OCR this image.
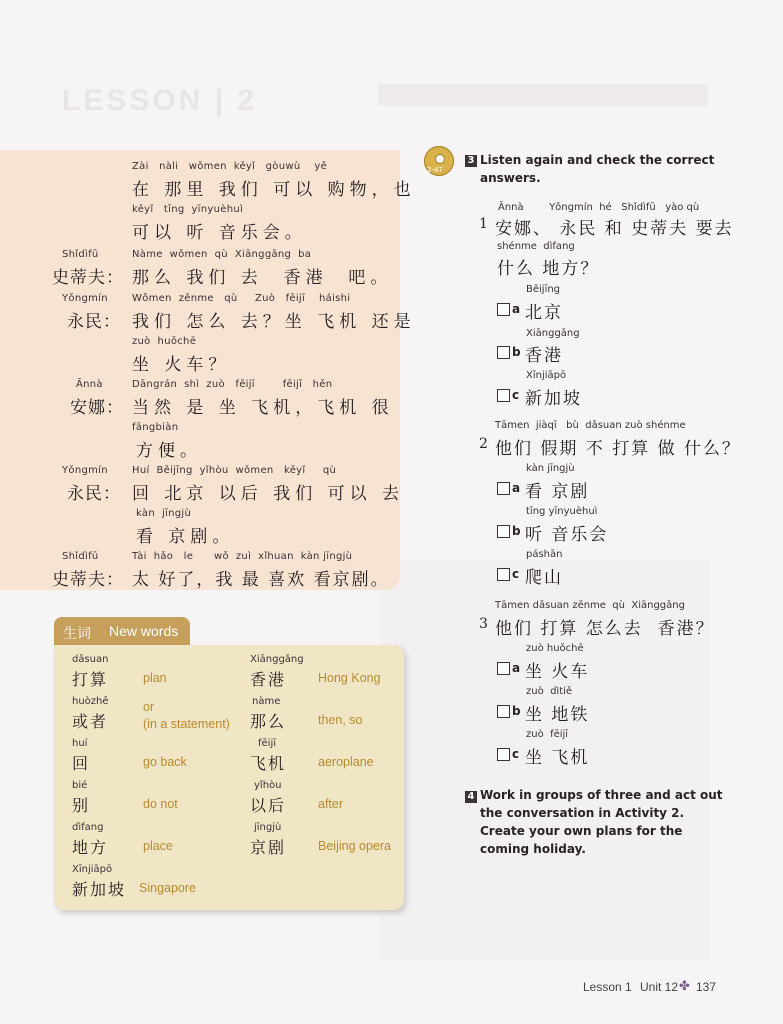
LESSON | 2
Zài   nàli   wǒmen  kěyǐ   gòuwù    yě
在 那里 我们 可以 购物，也
kěyǐ   tīng  yīnyuèhuì
可以 听 音乐会。
Shǐdìfū
史蒂夫：
Nàme  wǒmen  qù  Xiānggǎng  ba
那么 我们 去  香港  吧。
Yǒngmín
永民：
Wǒmen  zěnme   qù     Zuò   fēijī    háishi
我们 怎么 去？坐 飞机 还是
zuò  huǒchē
坐 火车？
Ānnà
安娜：
Dāngrán  shì  zuò   fēijī        fēijī   hěn
当然 是 坐 飞机，飞机 很
fāngbiàn
方便。
Yǒngmín
永民：
Huí  Běijīng  yǐhòu  wǒmen   kěyǐ     qù
回 北京 以后 我们 可以 去
kàn  jīngjù
看 京剧。
Shǐdìfū
史蒂夫：
Tài  hǎo   le      wǒ  zuì  xǐhuan  kàn jīngjù
太 好了，我 最 喜欢 看京剧。
生词 New words
dǎsuan
打算	plan
huòzhě
或者
or
(in a statement)
huí
回	go back
bié
别	do not
dìfang
地方	place
Xīnjiāpō
新加坡 Singapore
Xiānggǎng
香港	Hong Kong
nàme
那么	then, so
fēijī
飞机	aeroplane
yǐhòu
以后	after
jīngjù
京剧	Beijing opera
2-47
3 Listen again and check the correct answers.
Ānnà        Yǒngmín  hé   Shǐdìfū   yào qù
1 安娜、 永民 和 史蒂夫 要去
shénme  dìfang
什么 地方？
Běijīng
a 北京
Xiānggǎng
b 香港
Xīnjiāpō
c 新加坡
Tāmen  jiàqī   bù  dǎsuan zuò shénme
2 他们 假期 不 打算 做 什么？
kàn jīngjù
a 看 京剧
tīng yīnyuèhuì
b 听 音乐会
páshān
c 爬山
Tāmen dǎsuan zěnme  qù  Xiānggǎng
3 他们 打算 怎么去  香港？
zuò huǒchē
a 坐 火车
zuò  dìtiě
b 坐 地铁
zuò  fēijī
c 坐 飞机
4 Work in groups of three and act out the conversation in Activity 2. Create your own plans for the coming holiday.
Lesson 1 Unit 12 ✤ 137
